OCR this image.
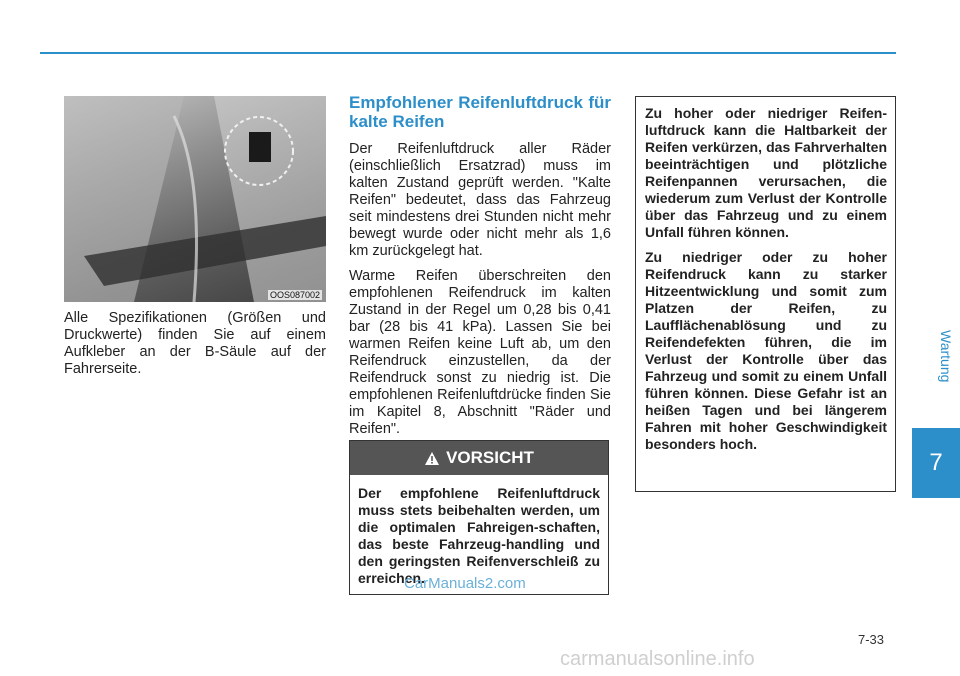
Wartung
7
OOS087002
Alle Spezifikationen (Größen und Druckwerte) finden Sie auf einem Aufkleber an der B-Säule auf der Fahrerseite.
Empfohlener Reifenluftdruck für kalte Reifen

Der Reifenluftdruck aller Räder (einschließlich Ersatzrad) muss im kalten Zustand geprüft werden. "Kalte Reifen" bedeutet, dass das Fahrzeug seit mindestens drei Stunden nicht mehr bewegt wurde oder nicht mehr als 1,6 km zurückgelegt hat.

Warme Reifen überschreiten den empfohlenen Reifendruck im kalten Zustand in der Regel um 0,28 bis 0,41 bar (28 bis 41 kPa). Lassen Sie bei warmen Reifen keine Luft ab, um den Reifendruck einzustellen, da der Reifendruck sonst zu niedrig ist. Die empfohlenen Reifenluftdrücke finden Sie im Kapitel 8, Abschnitt "Räder und Reifen".

VORSICHT
Der empfohlene Reifenluftdruck muss stets beibehalten werden, um die optimalen Fahreigen-schaften, das beste Fahrzeug-handling und den geringsten Reifenverschleiß zu erreichen.

Zu hoher oder niedriger Reifen-luftdruck kann die Haltbarkeit der Reifen verkürzen, das Fahrverhalten beeinträchtigen und plötzliche Reifenpannen verursachen, die wiederum zum Verlust der Kontrolle über das Fahrzeug und zu einem Unfall führen können.

Zu niedriger oder zu hoher Reifendruck kann zu starker Hitzeentwicklung und somit zum Platzen der Reifen, zu Laufflächenablösung und zu Reifendefekten führen, die im Verlust der Kontrolle über das Fahrzeug und somit zu einem Unfall führen können. Diese Gefahr ist an heißen Tagen und bei längerem Fahren mit hoher Geschwindigkeit besonders hoch.

CarManuals2.com
7-33
carmanualsonline.info
